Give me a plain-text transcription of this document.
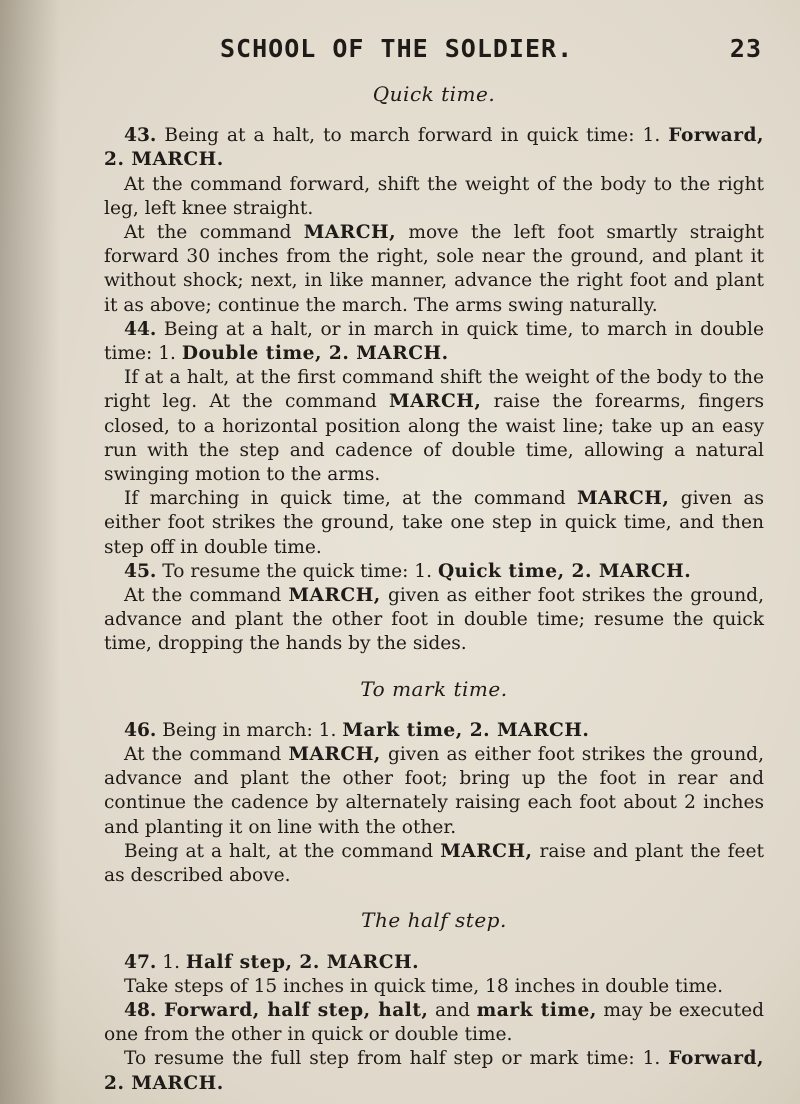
SCHOOL OF THE SOLDIER.	23

Quick time.

43. Being at a halt, to march forward in quick time: 1. Forward, 2. MARCH.

At the command forward, shift the weight of the body to the right leg, left knee straight.

At the command MARCH, move the left foot smartly straight forward 30 inches from the right, sole near the ground, and plant it without shock; next, in like manner, advance the right foot and plant it as above; continue the march. The arms swing naturally.

44. Being at a halt, or in march in quick time, to march in double time: 1. Double time, 2. MARCH.

If at a halt, at the first command shift the weight of the body to the right leg. At the command MARCH, raise the forearms, fingers closed, to a horizontal position along the waist line; take up an easy run with the step and cadence of double time, allowing a natural swinging motion to the arms.

If marching in quick time, at the command MARCH, given as either foot strikes the ground, take one step in quick time, and then step off in double time.

45. To resume the quick time: 1. Quick time, 2. MARCH.

At the command MARCH, given as either foot strikes the ground, advance and plant the other foot in double time; resume the quick time, dropping the hands by the sides.

To mark time.

46. Being in march: 1. Mark time, 2. MARCH.

At the command MARCH, given as either foot strikes the ground, advance and plant the other foot; bring up the foot in rear and continue the cadence by alternately raising each foot about 2 inches and planting it on line with the other.

Being at a halt, at the command MARCH, raise and plant the feet as described above.

The half step.

47. 1. Half step, 2. MARCH.

Take steps of 15 inches in quick time, 18 inches in double time.

48. Forward, half step, halt, and mark time, may be executed one from the other in quick or double time.

To resume the full step from half step or mark time: 1. Forward, 2. MARCH.
